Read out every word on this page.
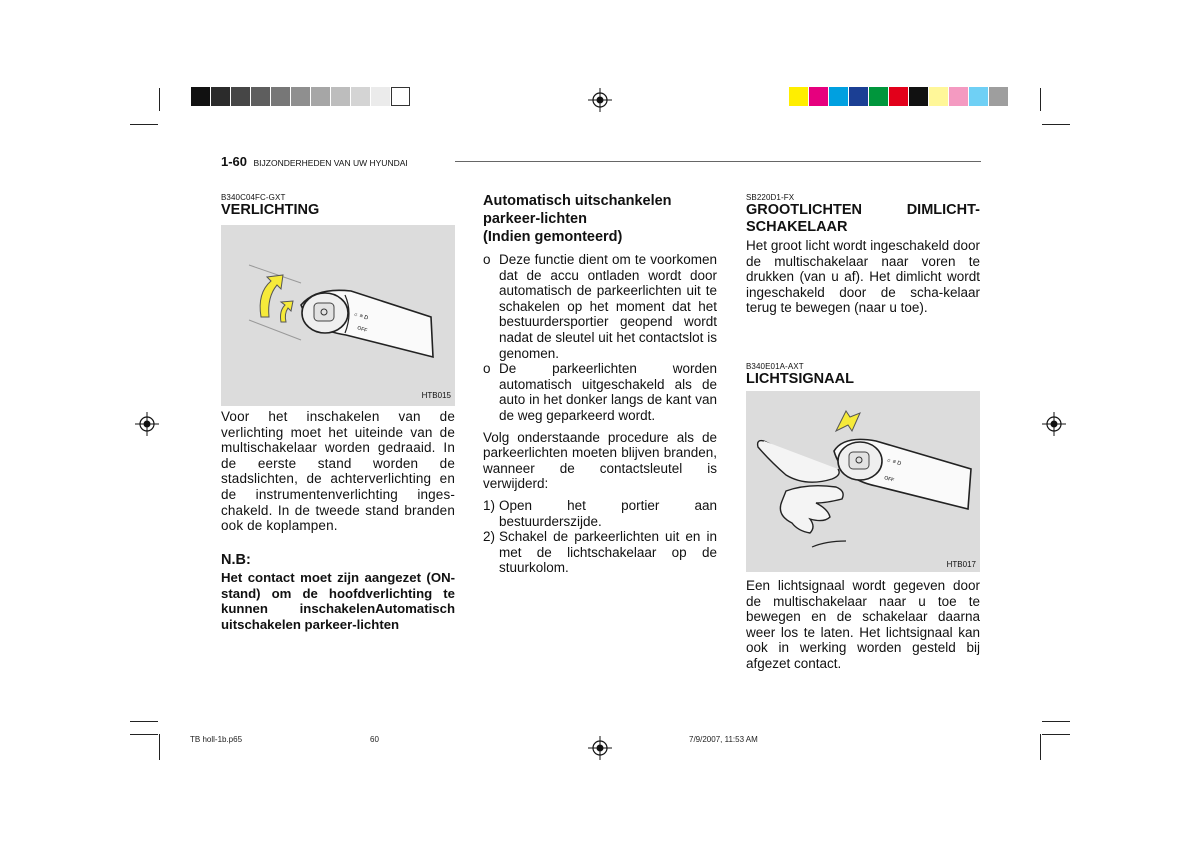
1-60 BIJZONDERHEDEN VAN UW HYUNDAI
B340C04FC-GXT
VERLICHTING
☼ ≡ D
OFF
HTB015
Voor het inschakelen van de verlichting moet het uiteinde van de multischakelaar worden gedraaid. In de eerste stand worden de stadslichten, de achterverlichting en de instrumentenverlichting inges-chakeld. In de tweede stand branden ook de koplampen.
N.B:
Het contact moet zijn aangezet (ON-stand) om de hoofdverlichting te kunnen inschakelenAutomatisch uitschakelen parkeer-lichten
Automatisch uitschankelen
parkeer-lichten
(Indien gemonteerd)
o Deze functie dient om te voorkomen dat de accu ontladen wordt door automatisch de parkeerlichten uit te schakelen op het moment dat het bestuurdersportier geopend wordt nadat de sleutel uit het contactslot is genomen.
o De parkeerlichten worden automatisch uitgeschakeld als de auto in het donker langs de kant van de weg geparkeerd wordt.
Volg onderstaande procedure als de parkeerlichten moeten blijven branden, wanneer de contactsleutel is verwijderd:
1) Open het portier aan bestuurderszijde.
2) Schakel de parkeerlichten uit en in met de lichtschakelaar op de stuurkolom.
SB220D1-FX
GROOTLICHTEN DIMLICHT-
SCHAKELAAR
Het groot licht wordt ingeschakeld door de multischakelaar naar voren te drukken (van u af). Het dimlicht wordt ingeschakeld door de scha-kelaar terug te bewegen (naar u toe).
B340E01A-AXT
LICHTSIGNAAL
☼ ≡ D
OFF
HTB017
Een lichtsignaal wordt gegeven door de multischakelaar naar u toe te bewegen en de schakelaar daarna weer los te laten. Het lichtsignaal kan ook in werking worden gesteld bij afgezet contact.
TB holl-1b.p65	60	7/9/2007, 11:53 AM
